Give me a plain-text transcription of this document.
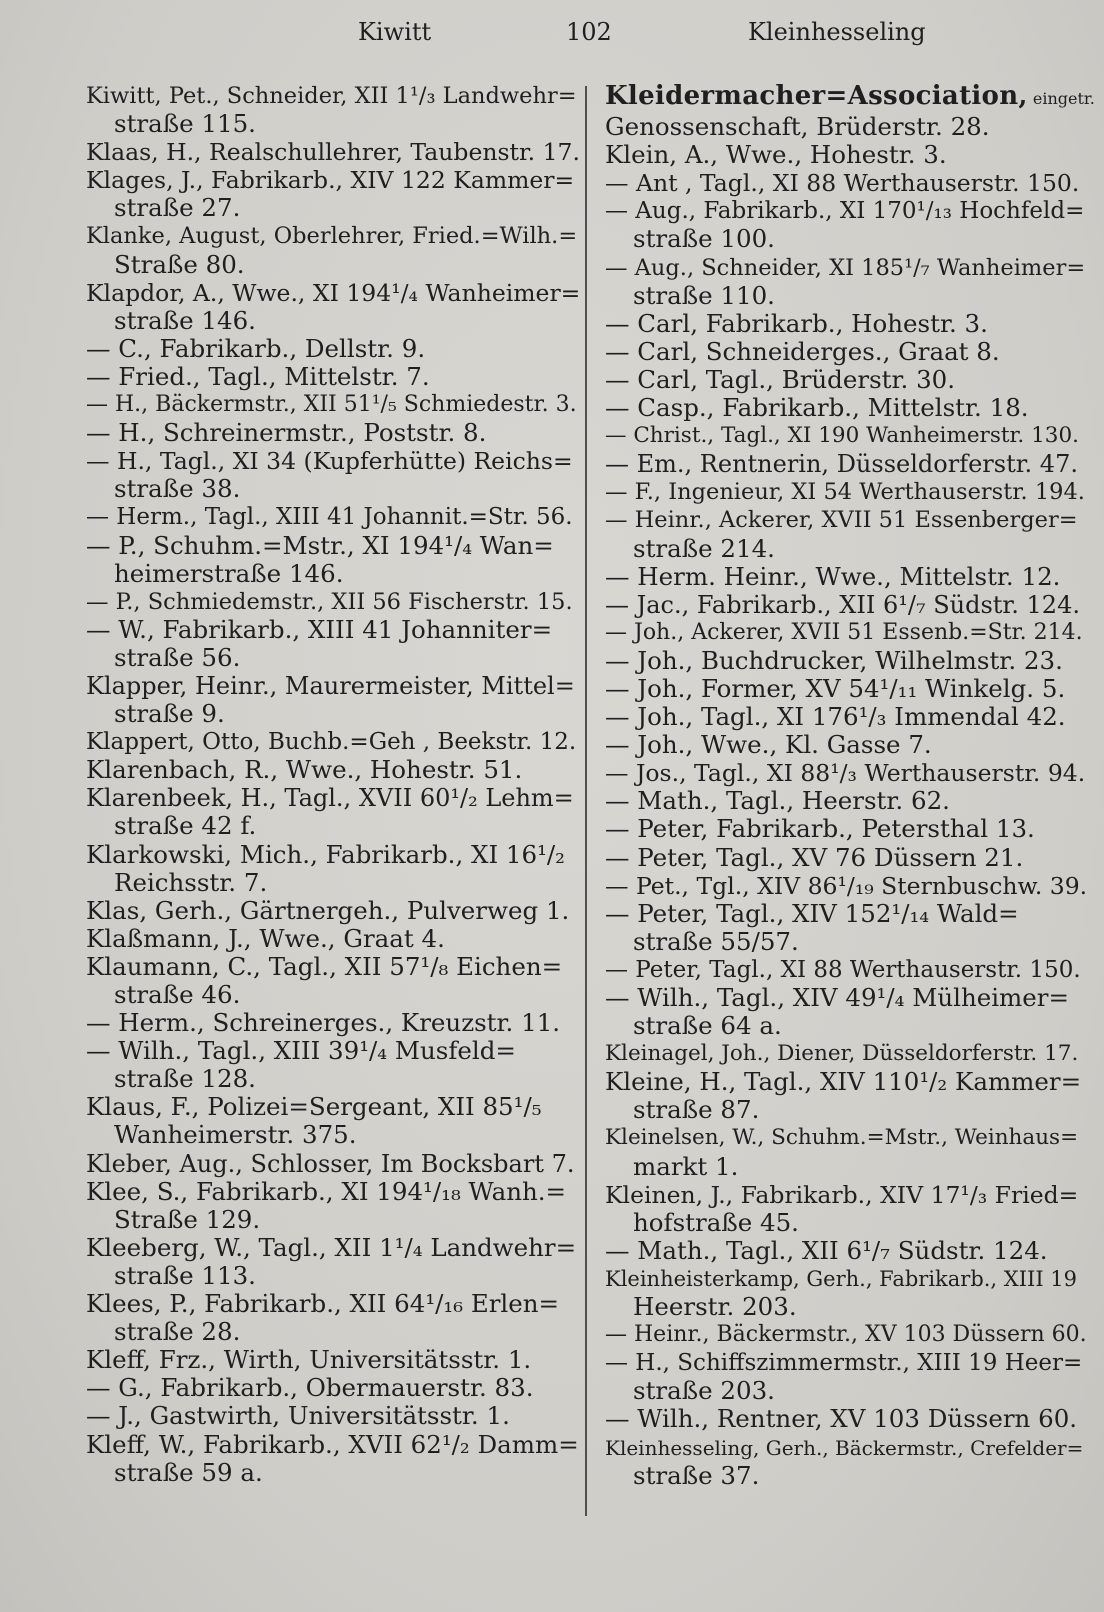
Kiwitt	102	Kleinhesseling
Kiwitt, Pet., Schneider, XII 1¹/₃ Landwehr=
straße 115.
Klaas, H., Realschullehrer, Taubenstr. 17.
Klages, J., Fabrikarb., XIV 122 Kammer=
straße 27.
Klanke, August, Oberlehrer, Fried.=Wilh.=
Straße 80.
Klapdor, A., Wwe., XI 194¹/₄ Wanheimer=
straße 146.
— C., Fabrikarb., Dellstr. 9.
— Fried., Tagl., Mittelstr. 7.
— H., Bäckermstr., XII 51¹/₅ Schmiedestr. 3.
— H., Schreinermstr., Poststr. 8.
— H., Tagl., XI 34 (Kupferhütte) Reichs=
straße 38.
— Herm., Tagl., XIII 41 Johannit.=Str. 56.
— P., Schuhm.=Mstr., XI 194¹/₄ Wan=
heimerstraße 146.
— P., Schmiedemstr., XII 56 Fischerstr. 15.
— W., Fabrikarb., XIII 41 Johanniter=
straße 56.
Klapper, Heinr., Maurermeister, Mittel=
straße 9.
Klappert, Otto, Buchb.=Geh , Beekstr. 12.
Klarenbach, R., Wwe., Hohestr. 51.
Klarenbeek, H., Tagl., XVII 60¹/₂ Lehm=
straße 42 f.
Klarkowski, Mich., Fabrikarb., XI 16¹/₂
Reichsstr. 7.
Klas, Gerh., Gärtnergeh., Pulverweg 1.
Klaßmann, J., Wwe., Graat 4.
Klaumann, C., Tagl., XII 57¹/₈ Eichen=
straße 46.
— Herm., Schreinerges., Kreuzstr. 11.
— Wilh., Tagl., XIII 39¹/₄ Musfeld=
straße 128.
Klaus, F., Polizei=Sergeant, XII 85¹/₅
Wanheimerstr. 375.
Kleber, Aug., Schlosser, Im Bocksbart 7.
Klee, S., Fabrikarb., XI 194¹/₁₈ Wanh.=
Straße 129.
Kleeberg, W., Tagl., XII 1¹/₄ Landwehr=
straße 113.
Klees, P., Fabrikarb., XII 64¹/₁₆ Erlen=
straße 28.
Kleff, Frz., Wirth, Universitätsstr. 1.
— G., Fabrikarb., Obermauerstr. 83.
— J., Gastwirth, Universitätsstr. 1.
Kleff, W., Fabrikarb., XVII 62¹/₂ Damm=
straße 59 a.
Kleidermacher=Association, eingetr.
Genossenschaft, Brüderstr. 28.
Klein, A., Wwe., Hohestr. 3.
— Ant , Tagl., XI 88 Werthauserstr. 150.
— Aug., Fabrikarb., XI 170¹/₁₃ Hochfeld=
straße 100.
— Aug., Schneider, XI 185¹/₇ Wanheimer=
straße 110.
— Carl, Fabrikarb., Hohestr. 3.
— Carl, Schneiderges., Graat 8.
— Carl, Tagl., Brüderstr. 30.
— Casp., Fabrikarb., Mittelstr. 18.
— Christ., Tagl., XI 190 Wanheimerstr. 130.
— Em., Rentnerin, Düsseldorferstr. 47.
— F., Ingenieur, XI 54 Werthauserstr. 194.
— Heinr., Ackerer, XVII 51 Essenberger=
straße 214.
— Herm. Heinr., Wwe., Mittelstr. 12.
— Jac., Fabrikarb., XII 6¹/₇ Südstr. 124.
— Joh., Ackerer, XVII 51 Essenb.=Str. 214.
— Joh., Buchdrucker, Wilhelmstr. 23.
— Joh., Former, XV 54¹/₁₁ Winkelg. 5.
— Joh., Tagl., XI 176¹/₃ Immendal 42.
— Joh., Wwe., Kl. Gasse 7.
— Jos., Tagl., XI 88¹/₃ Werthauserstr. 94.
— Math., Tagl., Heerstr. 62.
— Peter, Fabrikarb., Petersthal 13.
— Peter, Tagl., XV 76 Düssern 21.
— Pet., Tgl., XIV 86¹/₁₉ Sternbuschw. 39.
— Peter, Tagl., XIV 152¹/₁₄ Wald=
straße 55/57.
— Peter, Tagl., XI 88 Werthauserstr. 150.
— Wilh., Tagl., XIV 49¹/₄ Mülheimer=
straße 64 a.
Kleinagel, Joh., Diener, Düsseldorferstr. 17.
Kleine, H., Tagl., XIV 110¹/₂ Kammer=
straße 87.
Kleinelsen, W., Schuhm.=Mstr., Weinhaus=
markt 1.
Kleinen, J., Fabrikarb., XIV 17¹/₃ Fried=
hofstraße 45.
— Math., Tagl., XII 6¹/₇ Südstr. 124.
Kleinheisterkamp, Gerh., Fabrikarb., XIII 19
Heerstr. 203.
— Heinr., Bäckermstr., XV 103 Düssern 60.
— H., Schiffszimmermstr., XIII 19 Heer=
straße 203.
— Wilh., Rentner, XV 103 Düssern 60.
Kleinhesseling, Gerh., Bäckermstr., Crefelder=
straße 37.
